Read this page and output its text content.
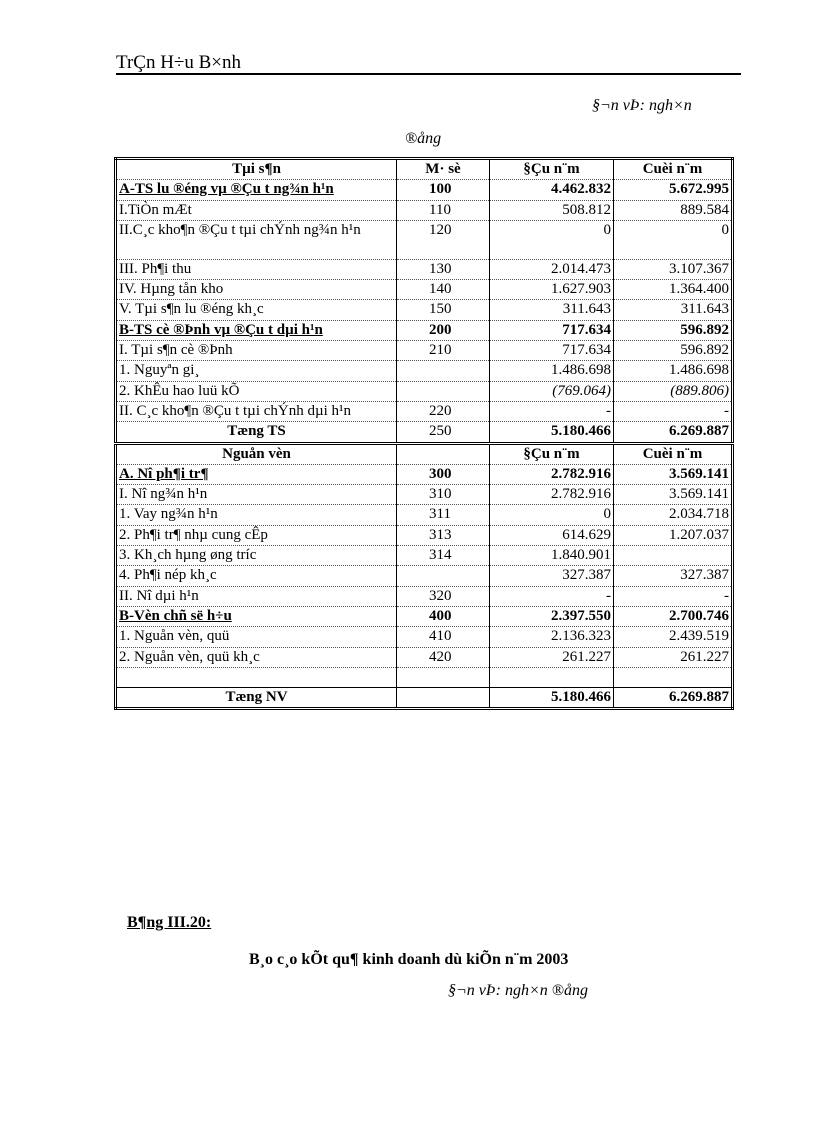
TrÇn H÷u B×nh
§¬n vÞ: ngh×n
®ång
Tµi s¶n	M· sè	§Çu n¨m	Cuèi n¨m
A-TS lu ®éng vµ ®Çu t ng¾n h¹n	100	4.462.832	5.672.995
I.TiÒn mÆt	110	508.812	889.584
II.C¸c kho¶n ®Çu t tµi chÝnh ng¾n h¹n	120	0	0
III. Ph¶i thu	130	2.014.473	3.107.367
IV. Hµng tån kho	140	1.627.903	1.364.400
V. Tµi s¶n lu ®éng kh¸c	150	311.643	311.643
B-TS cè ®Þnh vµ ®Çu t dµi h¹n	200	717.634	596.892
I. Tµi s¶n cè ®Þnh	210	717.634	596.892
1. Nguyªn gi¸		1.486.698	1.486.698
2. KhÊu hao luü kÕ		(769.064)	(889.806)
II. C¸c kho¶n ®Çu t tµi chÝnh dµi h¹n	220	-	-
Tæng TS	250	5.180.466	6.269.887
Nguån vèn		§Çu n¨m	Cuèi n¨m
A. Nî ph¶i tr¶	300	2.782.916	3.569.141
I. Nî ng¾n h¹n	310	2.782.916	3.569.141
1. Vay ng¾n h¹n	311	0	2.034.718
2. Ph¶i tr¶ nhµ cung cÊp	313	614.629	1.207.037
3. Kh¸ch hµng øng tríc	314	1.840.901	
4. Ph¶i nép kh¸c		327.387	327.387
II. Nî dµi h¹n	320	-	-
B-Vèn chñ së h÷u	400	2.397.550	2.700.746
1. Nguån vèn, quü	410	2.136.323	2.439.519
2. Nguån vèn, quü kh¸c	420	261.227	261.227

Tæng NV		5.180.466	6.269.887
B¶ng III.20:
B¸o c¸o kÕt qu¶ kinh doanh dù kiÕn n¨m 2003
§¬n vÞ: ngh×n ®ång
